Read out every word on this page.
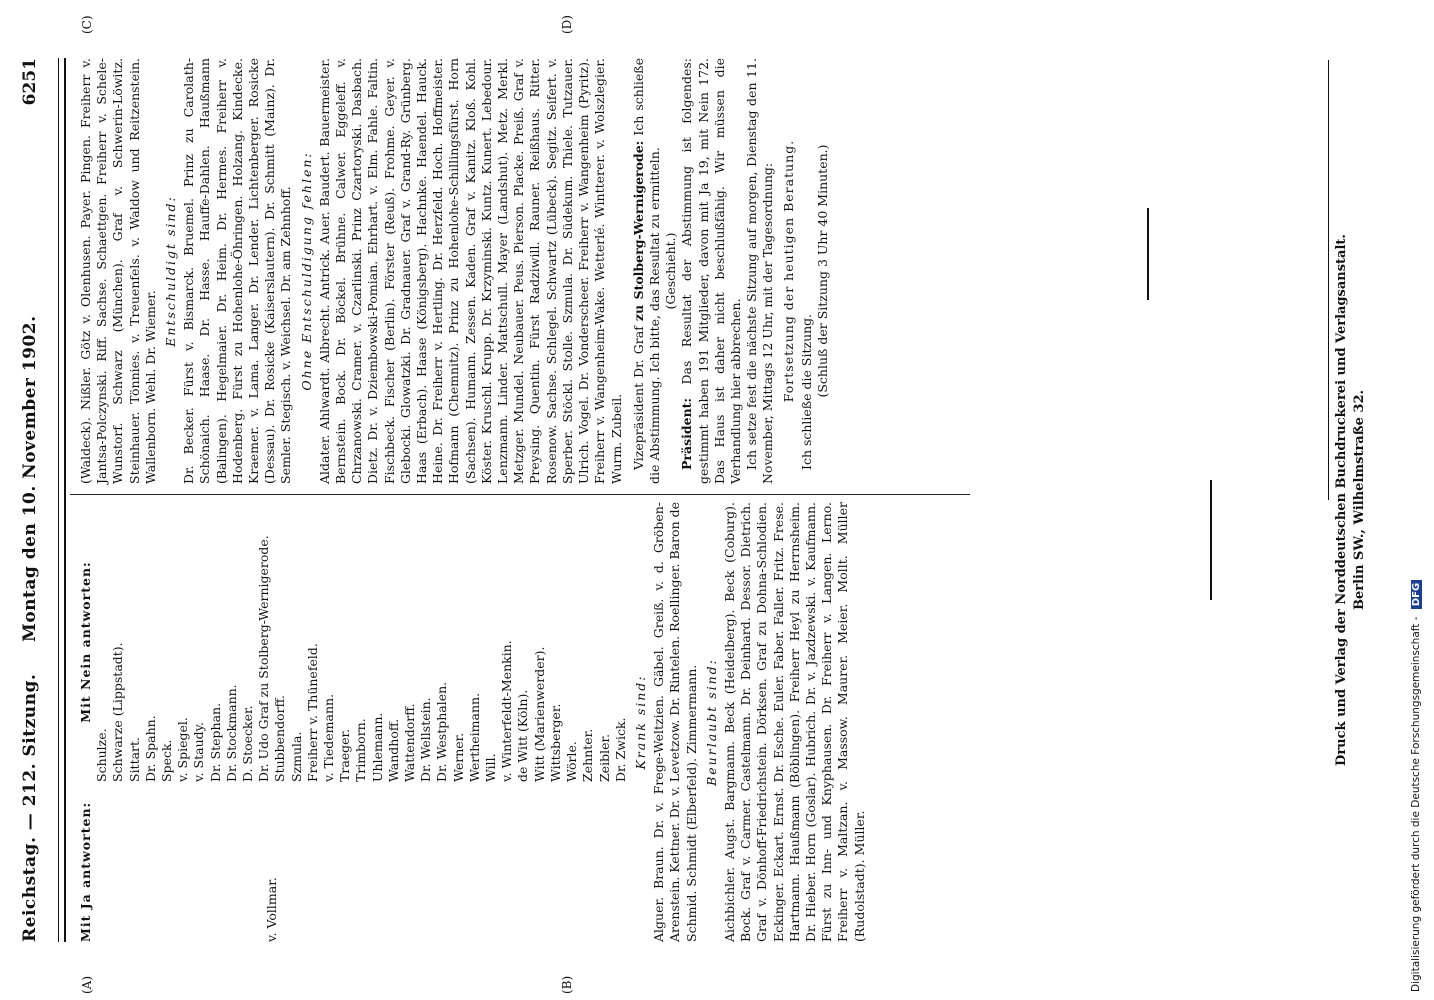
Reichstag. — 212. Sitzung.
Montag den 10. November 1902.
6251
(A)	(B)
(C)	(D)
Mit Ja antworten:	v. Vollmar.
Mit Nein antworten:
Schulze. Schwarze (Lippstadt). Sittart. Dr. Spahn. Speck. v. Spiegel. v. Staudy. Dr. Stephan. Dr. Stockmann. D. Stoecker. Dr. Udo Graf zu Stolberg-Wernigerode. Stubbendorff. Szmula. Freiherr v. Thünefeld. v. Tiedemann. Traeger. Trimborn. Uhlemann. Wandhoff. Wattendorff. Dr. Wellstein. Dr. Westphalen. Werner. Wertheimann. Will. v. Winterfeldt-Menkin. de Witt (Köln). Witt (Marienwerder). Wittsberger. Wörle. Zehnter. Zeibler. Dr. Zwick. Krank sind: Alguer. Braun. Dr. v. Frege-Weltzien. Gäbel. Greiß. v. d. Gröben-Arenstein. Kettner. Dr. v. Levetzow. Dr. Rintelen. Roellinger. Baron de Schmid. Schmidt (Elberfeld). Zimmermann. Beurlaubt sind: Aichbichler. Augst. Bargmann. Beck (Heidelberg). Beck (Coburg). Bock. Graf v. Carmer. Castelmann. Dr. Deinhard. Dessor. Dietrich. Graf v. Dönhoff-Friedrichstein. Dörksen. Graf zu Dohna-Schlodien. Eckinger. Eckart. Ernst. Dr. Esche. Euler. Faber. Faller. Fritz. Frese. Hartmann. Haußmann (Böblingen). Freiherr Heyl zu Herrnsheim. Dr. Hieber. Horn (Goslar). Hubrich. Dr. v. Jazdzewski. v. Kaufmann. Fürst zu Inn- und Knyphausen. Dr. Freiherr v. Langen. Lerno. Freiherr v. Maltzan. v. Massow. Maurer. Meier. Mollt. Müller (Rudolstadt). Müller.

(Waldeck). Nißler. Götz v. Olenhusen. Payer. Pingen. Freiherr v. Jantsa-Polczynski. Riff. Sachse. Schaettgen. Freiherr v. Schele-Wunstorf. Schwarz (München). Graf v. Schwerin-Löwitz. Steinhauer. Tönnies. v. Treuenfels. v. Waldow und Reitzenstein. Wallenborn. Wehl. Dr. Wiemer.

Entschuldigt sind: Dr. Becker. Fürst v. Bismarck. Bruemel. Prinz zu Carolath-Schönaich. Haase. Dr. Hasse. Hauffe-Dahlen. Haußmann (Balingen). Hegelmaier. Dr. Heim. Dr. Hermes. Freiherr v. Hodenberg. Fürst zu Hohenlohe-Öhringen. Holzang. Kindecke. Kraemer. v. Lama. Langer. Dr. Lender. Lichtenberger. Rosicke (Dessau). Dr. Rosicke (Kaiserslautern). Dr. Schmitt (Mainz). Dr. Semler. Stegisch. v. Weichsel. Dr. am Zehnhoff. Ohne Entschuldigung fehlen: Aldater. Ahlwardt. Albrecht. Antrick. Auer. Baudert. Bauermeister. Bernstein. Bock. Dr. Böckel. Brühne. Calwer. Eggeleff. v. Chrzanowski. Cramer. v. Czarlinski. Prinz Czartoryski. Dasbach. Dietz. Dr. v. Dziembowski-Pomian. Ehrhart. v. Elm. Fahle. Faltin. Fischbeck. Fischer (Berlin). Förster (Reuß). Frohme. Geyer. v. Glebocki. Glowatzki. Dr. Gradnauer. Graf v. Grand-Ry. Grünberg. Haas (Erbach). Haase (Königsberg). Hachnke. Haendel. Hauck. Heine. Dr. Freiherr v. Hertling. Dr. Herzfeld. Hoch. Hoffmeister. Hofmann (Chemnitz). Prinz zu Hohenlohe-Schillingsfürst. Horn (Sachsen). Humann. Zessen. Kaden. Graf v. Kanitz. Kloß. Kohl. Köster. Kruschl. Krupp. Dr. Krzyminski. Kuntz. Kunert. Lebedour. Lenzmann. Linder. Mattschull. Mayer (Landshut). Metz. Merkl. Metzger. Mundel. Neubauer. Peus. Pierson. Placke. Preiß. Graf v. Preysing. Quentin. Fürst Radziwill. Rauner. Reißhaus. Ritter. Rosenow. Sachse. Schlegel. Schwartz (Lübeck). Segitz. Seifert. v. Sperber. Stöckl. Stolle. Szmula. Dr. Südekum. Thiele. Tutzauer. Ulrich. Vogel. Dr. Vonderscheer. Freiherr v. Wangenheim (Pyritz). Freiherr v. Wangenheim-Wake. Wetterlé. Wintterer. v. Wolszlegier. Wurm. Zubeil. Vizepräsident Dr. Graf zu Stolberg-Wernigerode: Ich schließe die Abstimmung. Ich bitte, das Resultat zu ermitteln. (Geschieht.)

Präsident: Das Resultat der Abstimmung ist folgendes: gestimmt haben 191 Mitglieder, davon mit Ja 19, mit Nein 172. Das Haus ist daher nicht beschlußfähig. Wir müssen die Verhandlung hier abbrechen. Ich setze fest die nächste Sitzung auf morgen, Dienstag den 11. November, Mittags 12 Uhr, mit der Tagesordnung: Fortsetzung der heutigen Beratung. Ich schließe die Sitzung. (Schluß der Sitzung 3 Uhr 40 Minuten.)	Druck und Verlag der Norddeutschen Buchdruckerei und Verlagsanstalt. Berlin SW., Wilhelmstraße 32.
Digitalisierung gefördert durch die Deutsche Forschungsgemeinschaft - DFG
